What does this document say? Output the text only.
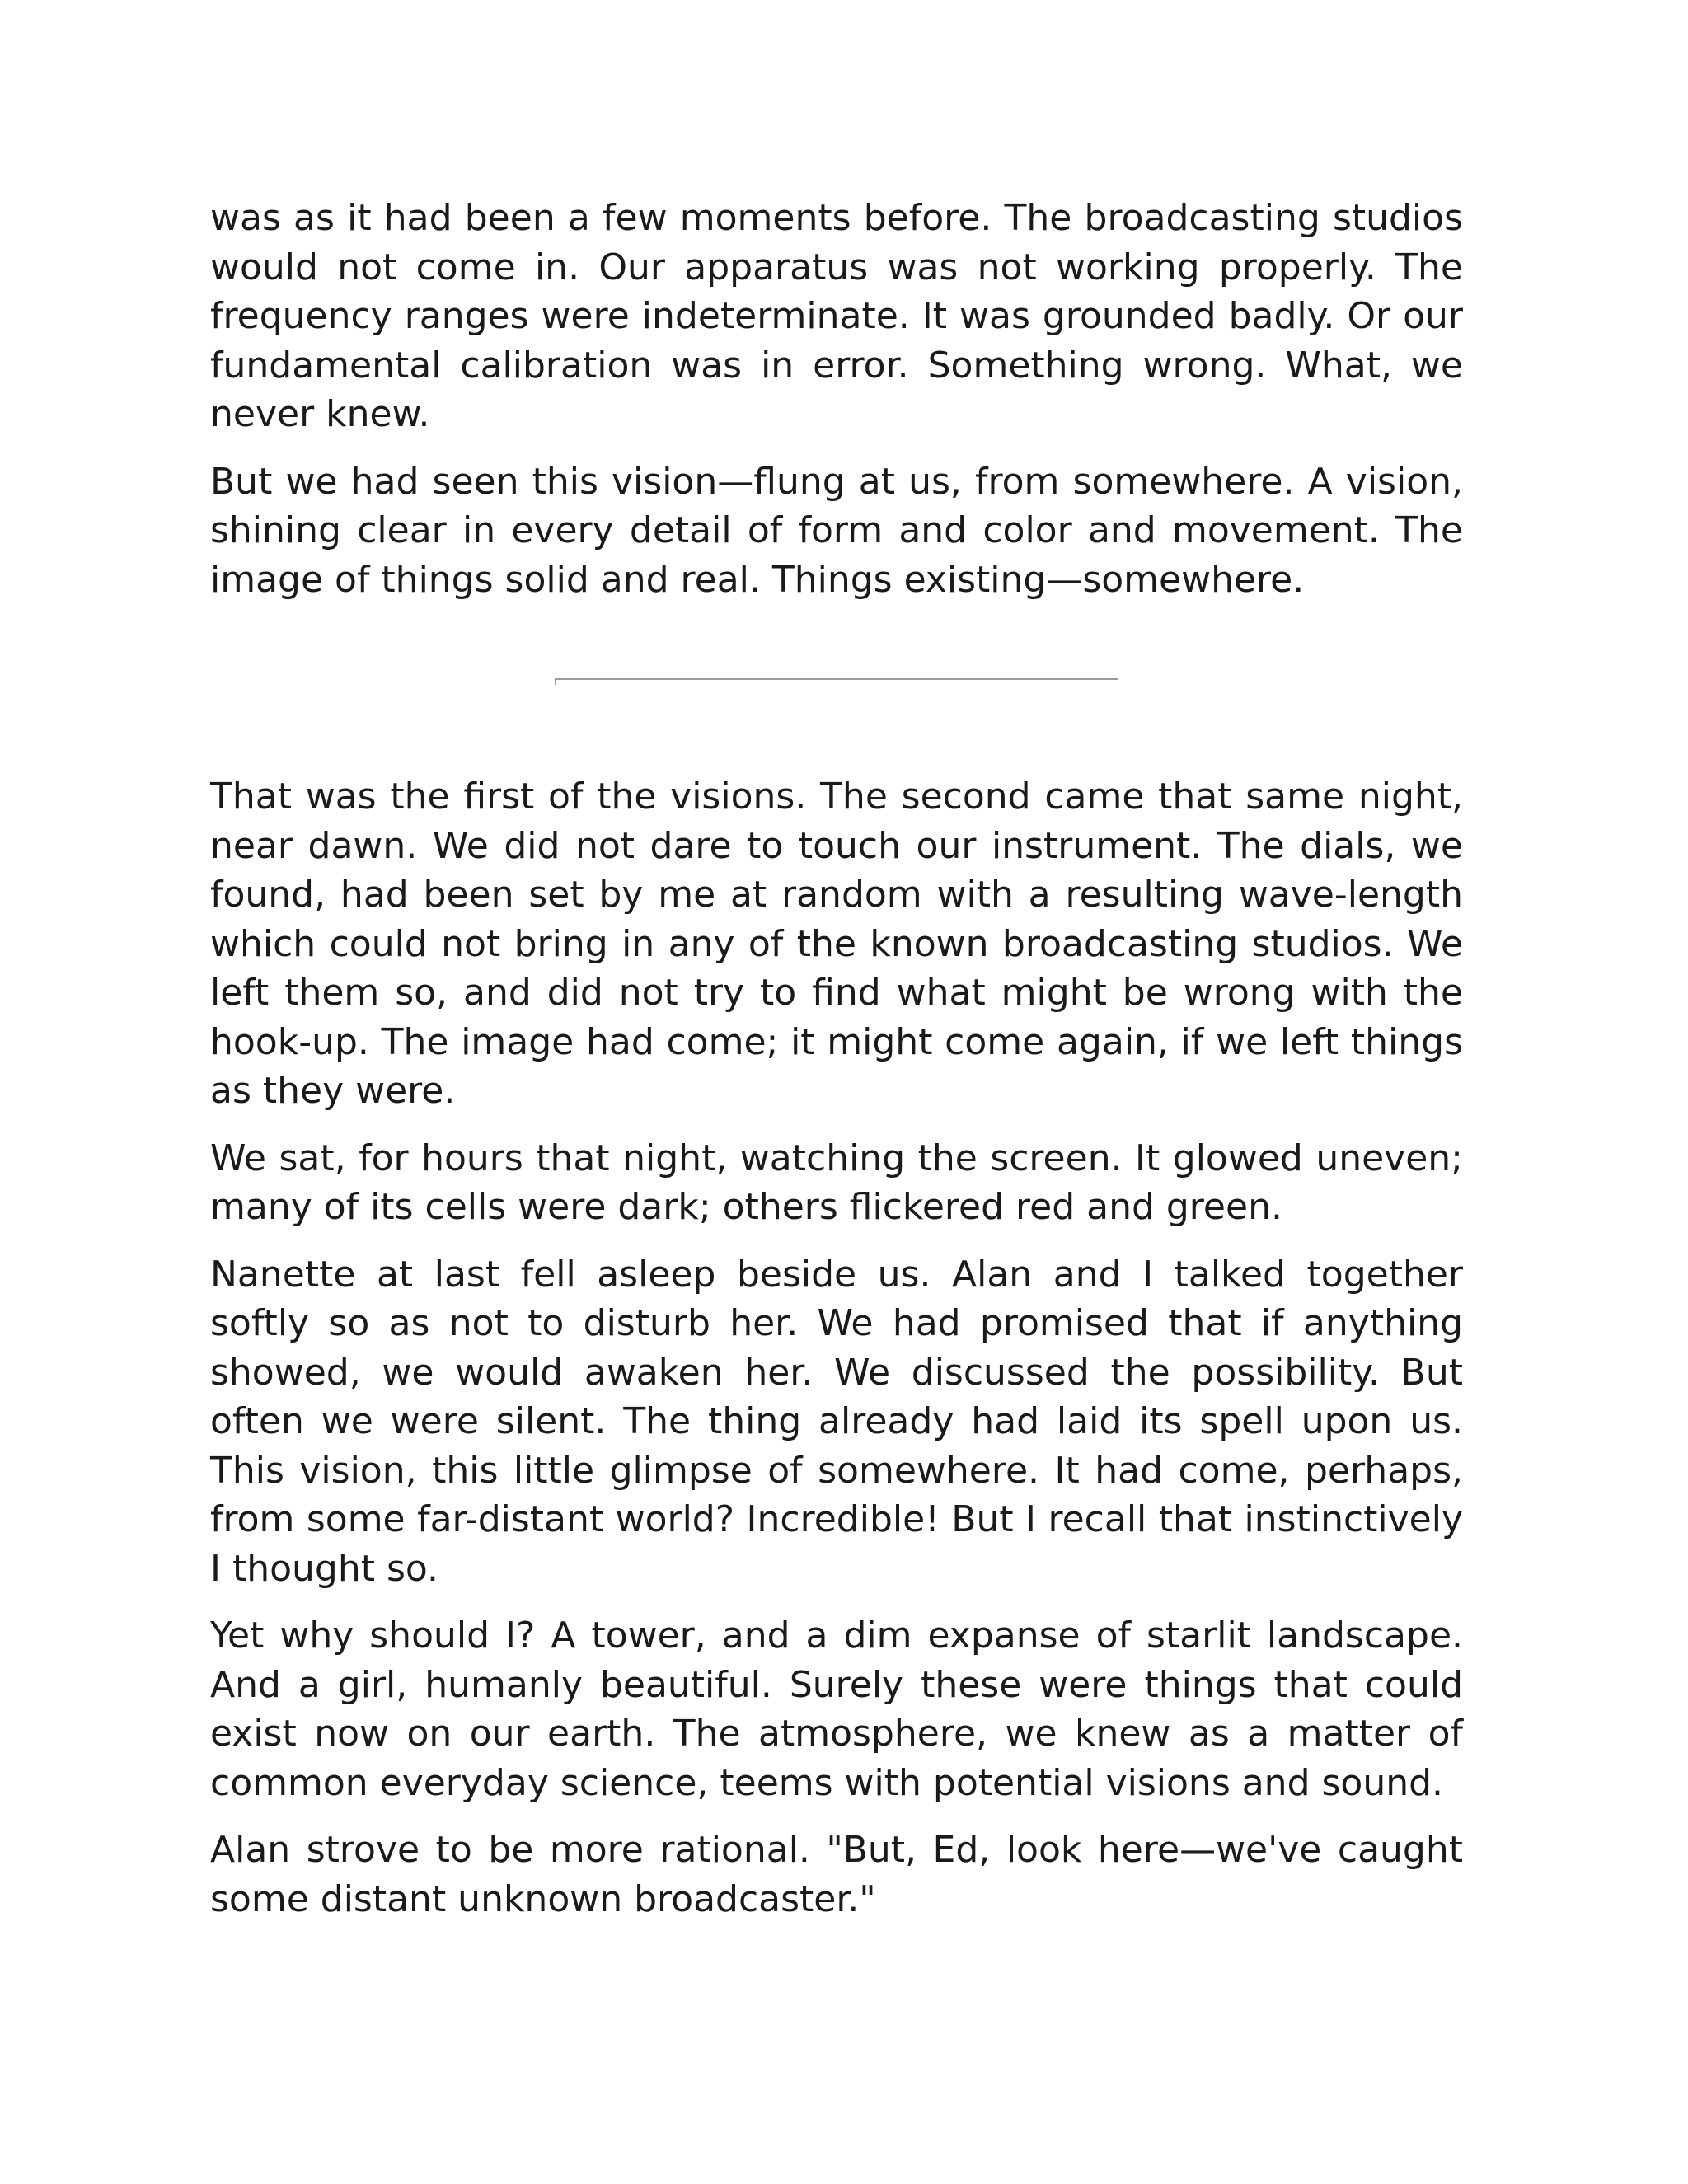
was as it had been a few moments before. The broadcasting studios would not come in. Our apparatus was not working properly. The frequency ranges were indeterminate. It was grounded badly. Or our fundamental calibration was in error. Something wrong. What, we never knew.

But we had seen this vision—flung at us, from somewhere. A vision, shining clear in every detail of form and color and movement. The image of things solid and real. Things existing—somewhere.

That was the first of the visions. The second came that same night, near dawn. We did not dare to touch our instrument. The dials, we found, had been set by me at random with a resulting wave-length which could not bring in any of the known broadcasting studios. We left them so, and did not try to find what might be wrong with the hook-up. The image had come; it might come again, if we left things as they were.

We sat, for hours that night, watching the screen. It glowed uneven; many of its cells were dark; others flickered red and green.

Nanette at last fell asleep beside us. Alan and I talked together softly so as not to disturb her. We had promised that if anything showed, we would awaken her. We discussed the possibility. But often we were silent. The thing already had laid its spell upon us. This vision, this little glimpse of somewhere. It had come, perhaps, from some far-distant world? Incredible! But I recall that instinctively I thought so.

Yet why should I? A tower, and a dim expanse of starlit landscape. And a girl, humanly beautiful. Surely these were things that could exist now on our earth. The atmosphere, we knew as a matter of common everyday science, teems with potential visions and sound.

Alan strove to be more rational. "But, Ed, look here—we've caught some distant unknown broadcaster."
